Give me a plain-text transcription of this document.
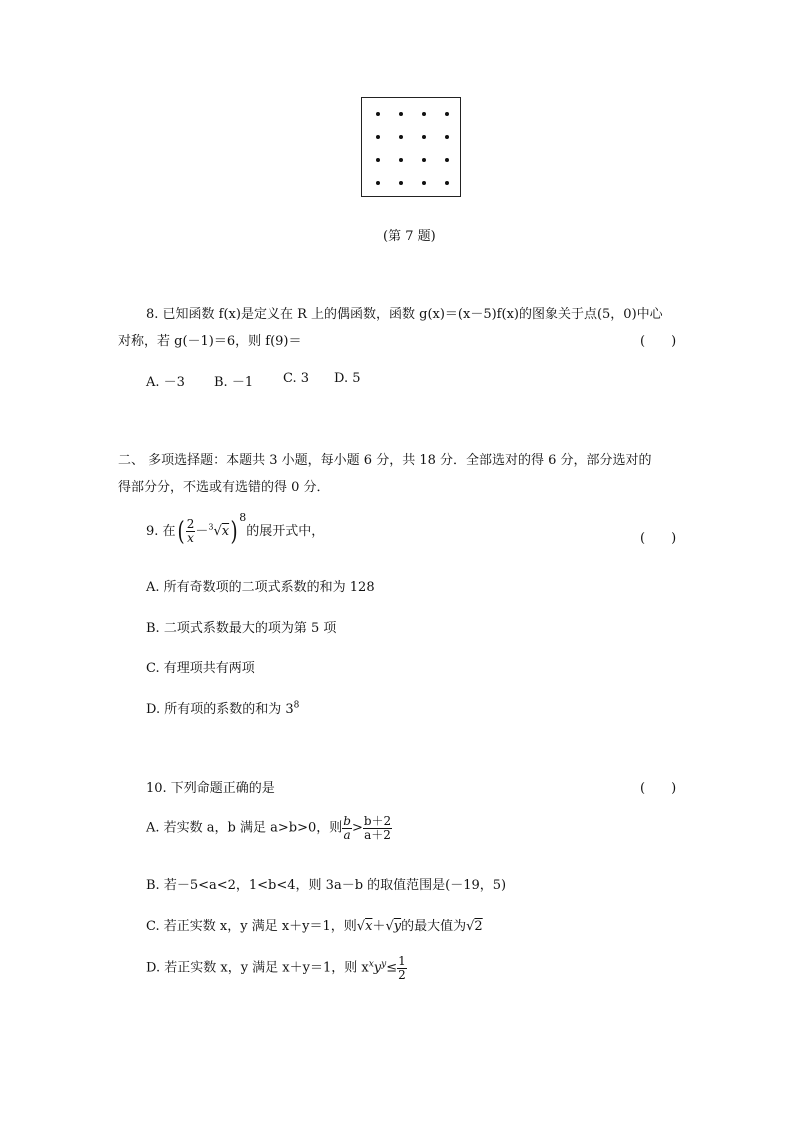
(第 7 题)
8. 已知函数 f(x)是定义在 R 上的偶函数，函数 g(x)＝(x－5)f(x)的图象关于点(5，0)中心
对称，若 g(－1)＝6，则 f(9)＝	(　　)
A. －3 B. －1 C. 3 D. 5
二、 多项选择题：本题共 3 小题，每小题 6 分，共 18 分．全部选对的得 6 分，部分选对的
得部分分，不选或有选错的得 0 分．
9. 在( $\frac{2}{x} -^3√x$) $^8$的展开式中，	(　　)
A. 所有奇数项的二项式系数的和为 128
B. 二项式系数最大的项为第 5 项
C. 有理项共有两项
D. 所有项的系数的和为 $3^8$
10. 下列命题正确的是	(　　)
A. 若实数 a，b 满足 a>b>0，则 $\frac{b}{a} > \frac{b+2}{a+2}$
B. 若－5<a<2，1<b<4，则 3a－b 的取值范围是(－19，5)
C. 若正实数 x，y 满足 x＋y＝1，则√x＋√y的最大值为√2
D. 若正实数 x，y 满足 x＋y＝1，则 $x^xy^y\le \frac{1}{2}$
